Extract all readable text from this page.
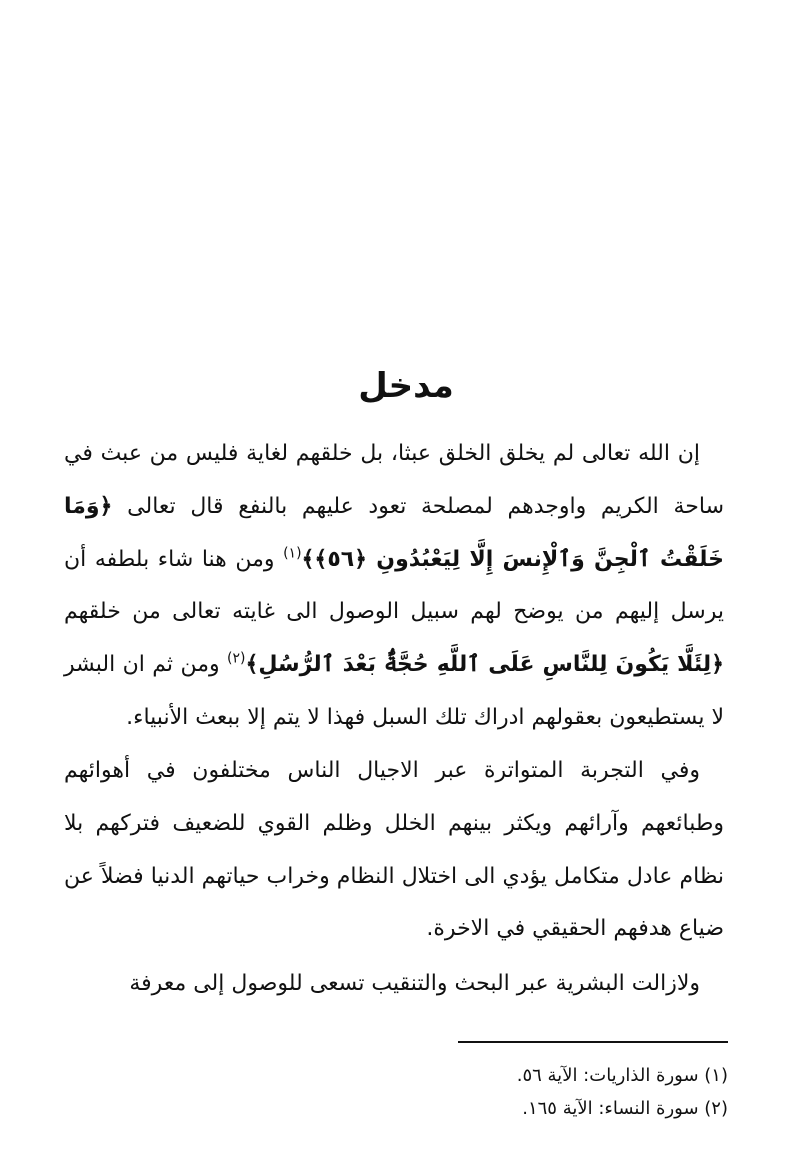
مدخل
إن الله تعالى لم يخلق الخلق عبثا، بل خلقهم لغاية فليس من عبث في ساحة الكريم واوجدهم لمصلحة تعود عليهم بالنفع قال تعالى ﴿وَمَا خَلَقْتُ ٱلْجِنَّ وَٱلْإِنسَ إِلَّا لِيَعْبُدُونِ ﴿٥٦﴾﴾$^{(١)}$ ومن هنا شاء بلطفه أن يرسل إليهم من يوضح لهم سبيل الوصول الى غايته تعالى من خلقهم ﴿لِئَلَّا يَكُونَ لِلنَّاسِ عَلَى ٱللَّهِ حُجَّةٌۢ بَعْدَ ٱلرُّسُلِ﴾$^{(٢)}$ ومن ثم ان البشر لا يستطيعون بعقولهم ادراك تلك السبل فهذا لا يتم إلا ببعث الأنبياء.
وفي التجربة المتواترة عبر الاجيال الناس مختلفون في أهوائهم وطبائعهم وآرائهم ويكثر بينهم الخلل وظلم القوي للضعيف فتركهم بلا نظام عادل متكامل يؤدي الى اختلال النظام وخراب حياتهم الدنيا فضلاً عن ضياع هدفهم الحقيقي في الاخرة.
ولازالت البشرية عبر البحث والتنقيب تسعى للوصول إلى معرفة
(١) سورة الذاريات: الآية ٥٦.
(٢) سورة النساء: الآية ١٦٥.
